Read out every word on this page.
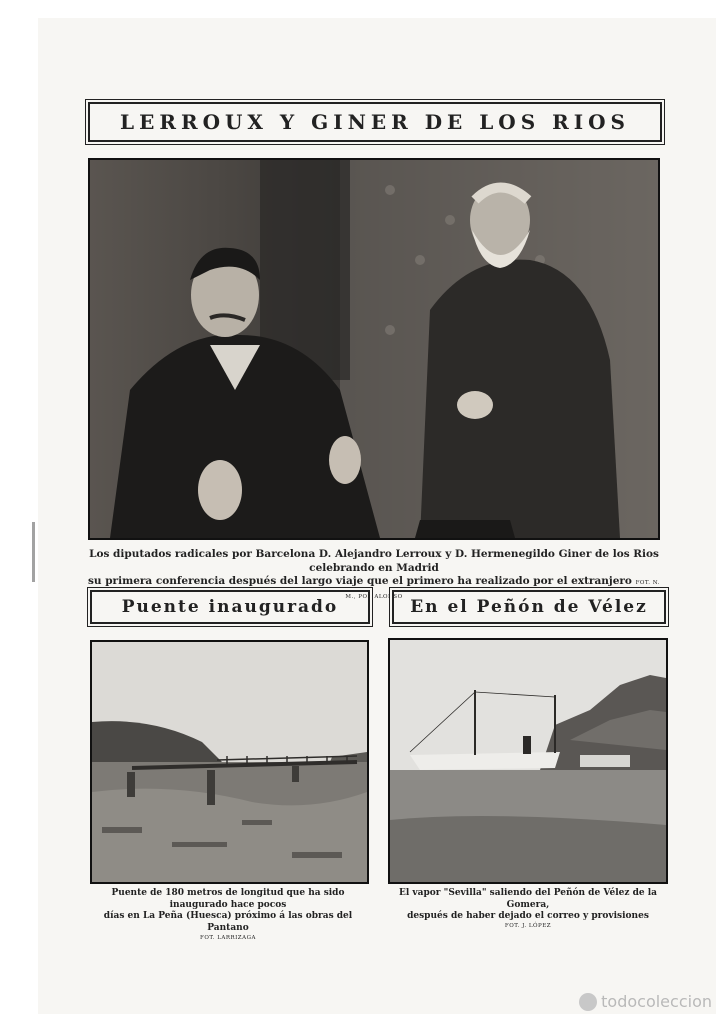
LERROUX Y GINER DE LOS RIOS
Los diputados radicales por Barcelona D. Alejandro Lerroux y D. Hermenegildo Giner de los Rios celebrando en Madrid
su primera conferencia después del largo viaje que el primero ha realizado por el extranjero FOT. N. M., POR ALONSO
Puente inaugurado	En el Peñón de Vélez
Puente de 180 metros de longitud que ha sido inaugurado hace pocos
días en La Peña (Huesca) próximo á las obras del Pantano
FOT. LARRIZAGA
El vapor "Sevilla" saliendo del Peñón de Vélez de la Gomera,
después de haber dejado el correo y provisiones
FOT. J. LÓPEZ
todocoleccion
